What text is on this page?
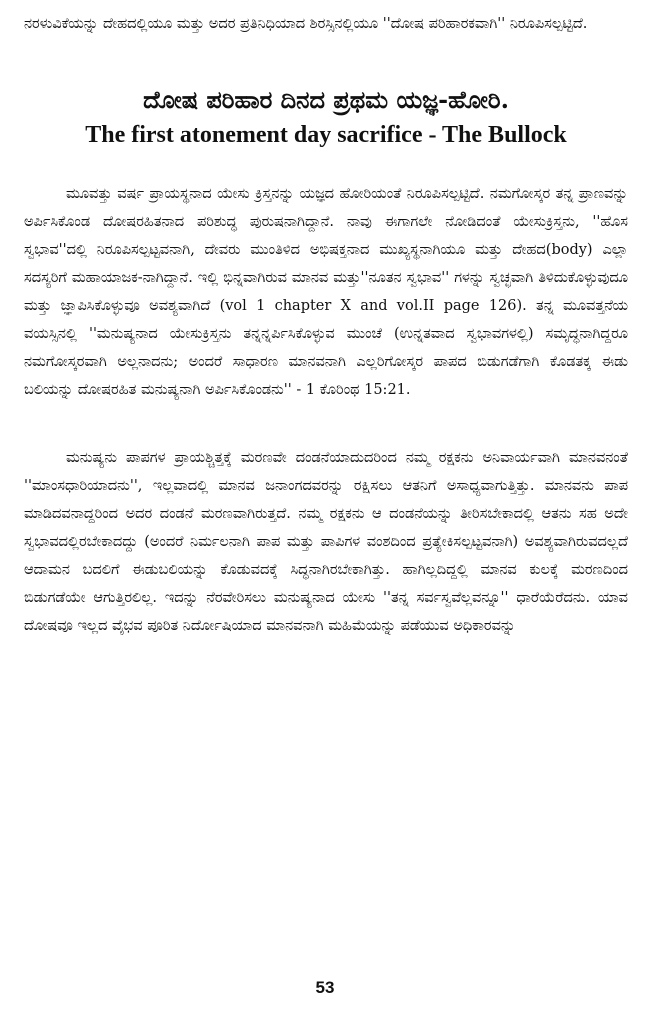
ನರಳುವಿಕೆಯನ್ನು ದೇಹದಲ್ಲಿಯೂ ಮತ್ತು ಅದರ ಪ್ರತಿನಿಧಿಯಾದ ಶಿರಸ್ಸಿನಲ್ಲಿಯೂ ''ದೋಷ ಪರಿಹಾರಕವಾಗಿ'' ನಿರೂಪಿಸಲ್ಪಟ್ಟಿದೆ.

ದೋಷ ಪರಿಹಾರ ದಿನದ ಪ್ರಥಮ ಯಜ್ಞ-ಹೋರಿ.
The first atonement day sacrifice - The Bullock

ಮೂವತ್ತು ವರ್ಷ ಪ್ರಾಯಸ್ಥನಾದ ಯೇಸು ಕ್ರಿಸ್ತನನ್ನು ಯಜ್ಞದ ಹೋರಿಯಂತೆ ನಿರೂಪಿಸಲ್ಪಟ್ಟಿದೆ. ನಮಗೋಸ್ಕರ ತನ್ನ ಪ್ರಾಣವನ್ನು ಅರ್ಪಿಸಿಕೊಂಡ ದೋಷರಹಿತನಾದ ಪರಿಶುದ್ಧ ಪುರುಷನಾಗಿದ್ದಾನೆ. ನಾವು ಈಗಾಗಲೇ ನೋಡಿದಂತೆ ಯೇಸುಕ್ರಿಸ್ತನು, ''ಹೊಸ ಸ್ವಭಾವ''ದಲ್ಲಿ ನಿರೂಪಿಸಲ್ಪಟ್ಟವನಾಗಿ, ದೇವರು ಮುಂತಿಳಿದ ಅಭಿಷಕ್ತನಾದ ಮುಖ್ಯಸ್ಥನಾಗಿಯೂ ಮತ್ತು ದೇಹದ(body) ಎಲ್ಲಾ ಸದಸ್ಯರಿಗೆ ಮಹಾಯಾಜಕ-ನಾಗಿದ್ದಾನೆ. ಇಲ್ಲಿ ಭಿನ್ನವಾಗಿರುವ ಮಾನವ ಮತ್ತು''ನೂತನ ಸ್ವಭಾವ'' ಗಳನ್ನು ಸ್ವಚ್ಛವಾಗಿ ತಿಳಿದುಕೊಳ್ಳುವುದೂ ಮತ್ತು ಜ್ಞಾಪಿಸಿಕೊಳ್ಳುವೂ ಅವಶ್ಯವಾಗಿದೆ (vol 1 chapter X and vol.II page 126). ತನ್ನ ಮೂವತ್ತನೆಯ ವಯಸ್ಸಿನಲ್ಲಿ ''ಮನುಷ್ಯನಾದ ಯೇಸುಕ್ರಿಸ್ತನು ತನ್ನನ್ನರ್ಪಿಸಿಕೊಳ್ಳುವ ಮುಂಚೆ (ಉನ್ನತವಾದ ಸ್ವಭಾವಗಳಲ್ಲಿ) ಸಮೃದ್ಧನಾಗಿದ್ದರೂ ನಮಗೋಸ್ಕರವಾಗಿ ಅಲ್ಲನಾದನು; ಅಂದರೆ ಸಾಧಾರಣ ಮಾನವನಾಗಿ ಎಲ್ಲರಿಗೋಸ್ಕರ ಪಾಪದ ಬಿಡುಗಡೆಗಾಗಿ ಕೊಡತಕ್ಕ ಈಡು ಬಲಿಯನ್ನು ದೋಷರಹಿತ ಮನುಷ್ಯನಾಗಿ ಅರ್ಪಿಸಿಕೊಂಡನು'' - 1 ಕೊರಿಂಥ 15:21.

ಮನುಷ್ಯನು ಪಾಪಗಳ ಪ್ರಾಯಶ್ಚಿತ್ತಕ್ಕೆ ಮರಣವೇ ದಂಡನೆಯಾದುದರಿಂದ ನಮ್ಮ ರಕ್ಷಕನು ಅನಿವಾರ್ಯವಾಗಿ ಮಾನವನಂತೆ ''ಮಾಂಸಧಾರಿಯಾದನು'', ಇಲ್ಲವಾದಲ್ಲಿ ಮಾನವ ಜನಾಂಗದವರನ್ನು ರಕ್ಷಿಸಲು ಆತನಿಗೆ ಅಸಾಧ್ಯವಾಗುತ್ತಿತ್ತು. ಮಾನವನು ಪಾಪ ಮಾಡಿದವನಾದ್ದರಿಂದ ಅದರ ದಂಡನೆ ಮರಣವಾಗಿರುತ್ತದೆ. ನಮ್ಮ ರಕ್ಷಕನು ಆ ದಂಡನೆಯನ್ನು ತೀರಿಸಬೇಕಾದಲ್ಲಿ ಆತನು ಸಹ ಅದೇ ಸ್ವಭಾವದಲ್ಲಿರಬೇಕಾದದ್ದು (ಅಂದರೆ ನಿರ್ಮಲನಾಗಿ ಪಾಪ ಮತ್ತು ಪಾಪಿಗಳ ವಂಶದಿಂದ ಪ್ರತ್ಯೇಕಿಸಲ್ಪಟ್ಟವನಾಗಿ) ಅವಶ್ಯವಾಗಿರುವದಲ್ಲದೆ ಆದಾಮನ ಬದಲಿಗೆ ಈಡುಬಲಿಯನ್ನು ಕೊಡುವದಕ್ಕೆ ಸಿದ್ಧನಾಗಿರಬೇಕಾಗಿತ್ತು. ಹಾಗಿಲ್ಲದಿದ್ದಲ್ಲಿ ಮಾನವ ಕುಲಕ್ಕೆ ಮರಣದಿಂದ ಬಿಡುಗಡೆಯೇ ಆಗುತ್ತಿರಲಿಲ್ಲ. ಇದನ್ನು ನೆರವೇರಿಸಲು ಮನುಷ್ಯನಾದ ಯೇಸು ''ತನ್ನ ಸರ್ವಸ್ವವೆಲ್ಲವನ್ನೂ'' ಧಾರೆಯೆರೆದನು. ಯಾವ ದೋಷವೂ ಇಲ್ಲದ ವೈಭವ ಪೂರಿತ ನಿರ್ದೋಷಿಯಾದ ಮಾನವನಾಗಿ ಮಹಿಮೆಯನ್ನು ಪಡೆಯುವ ಅಧಿಕಾರವನ್ನು

53
